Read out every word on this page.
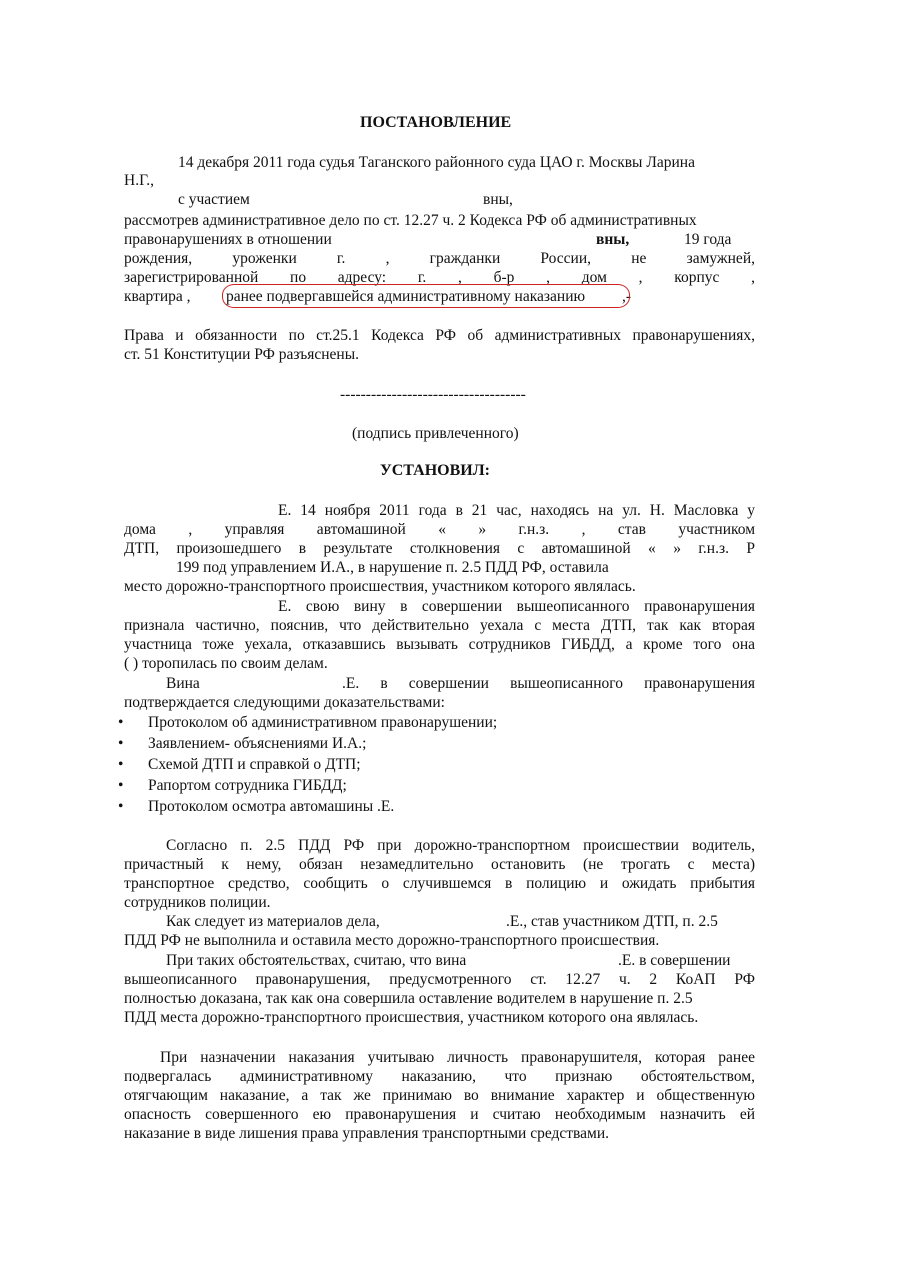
ПОСТАНОВЛЕНИЕ
14 декабря 2011 года судья Таганского районного суда ЦАО г. Москвы Ларина
Н.Г.,
с участием	вны,
рассмотрев административное дело по ст. 12.27 ч. 2 Кодекса РФ об административных
правонарушениях в отношении	вны,	19 года
рождения, уроженки г. , гражданки России, не замужней,
зарегистрированной по адресу: г. , б-р , дом , корпус ,
квартира , ранее подвергавшейся административному наказанию ,-
Права и обязанности по ст.25.1 Кодекса РФ об административных правонарушениях,
ст. 51 Конституции РФ разъяснены.
------------------------------------
(подпись привлеченного)
УСТАНОВИЛ:
Е. 14 ноября 2011 года в 21 час, находясь на ул. Н. Масловка у
дома , управляя автомашиной « » г.н.з. , став участником
ДТП, произошедшего в результате столкновения с автомашиной « » г.н.з. Р
199 под управлением И.А., в нарушение п. 2.5 ПДД РФ, оставила
место дорожно-транспортного происшествия, участником которого являлась.
Е. свою вину в совершении вышеописанного правонарушения
признала частично, пояснив, что действительно уехала с места ДТП, так как вторая
участница тоже уехала, отказавшись вызывать сотрудников ГИБДД, а кроме того она
( ) торопилась по своим делам.
Вина	.Е. в совершении вышеописанного правонарушения
подтверждается следующими доказательствами:
• Протоколом об административном правонарушении;
• Заявлением- объяснениями И.А.;
• Схемой ДТП и справкой о ДТП;
• Рапортом сотрудника ГИБДД;
• Протоколом осмотра автомашины .Е.
Согласно п. 2.5 ПДД РФ при дорожно-транспортном происшествии водитель,
причастный к нему, обязан незамедлительно остановить (не трогать с места)
транспортное средство, сообщить о случившемся в полицию и ожидать прибытия
сотрудников полиции.
Как следует из материалов дела,	.Е., став участником ДТП, п. 2.5
ПДД РФ не выполнила и оставила место дорожно-транспортного происшествия.
При таких обстоятельствах, считаю, что вина	.Е. в совершении
вышеописанного правонарушения, предусмотренного ст. 12.27 ч. 2 КоАП РФ
полностью доказана, так как она совершила оставление водителем в нарушение п. 2.5
ПДД места дорожно-транспортного происшествия, участником которого она являлась.
При назначении наказания учитываю личность правонарушителя, которая ранее
подвергалась административному наказанию, что признаю обстоятельством,
отягчающим наказание, а так же принимаю во внимание характер и общественную
опасность совершенного ею правонарушения и считаю необходимым назначить ей
наказание в виде лишения права управления транспортными средствами.
